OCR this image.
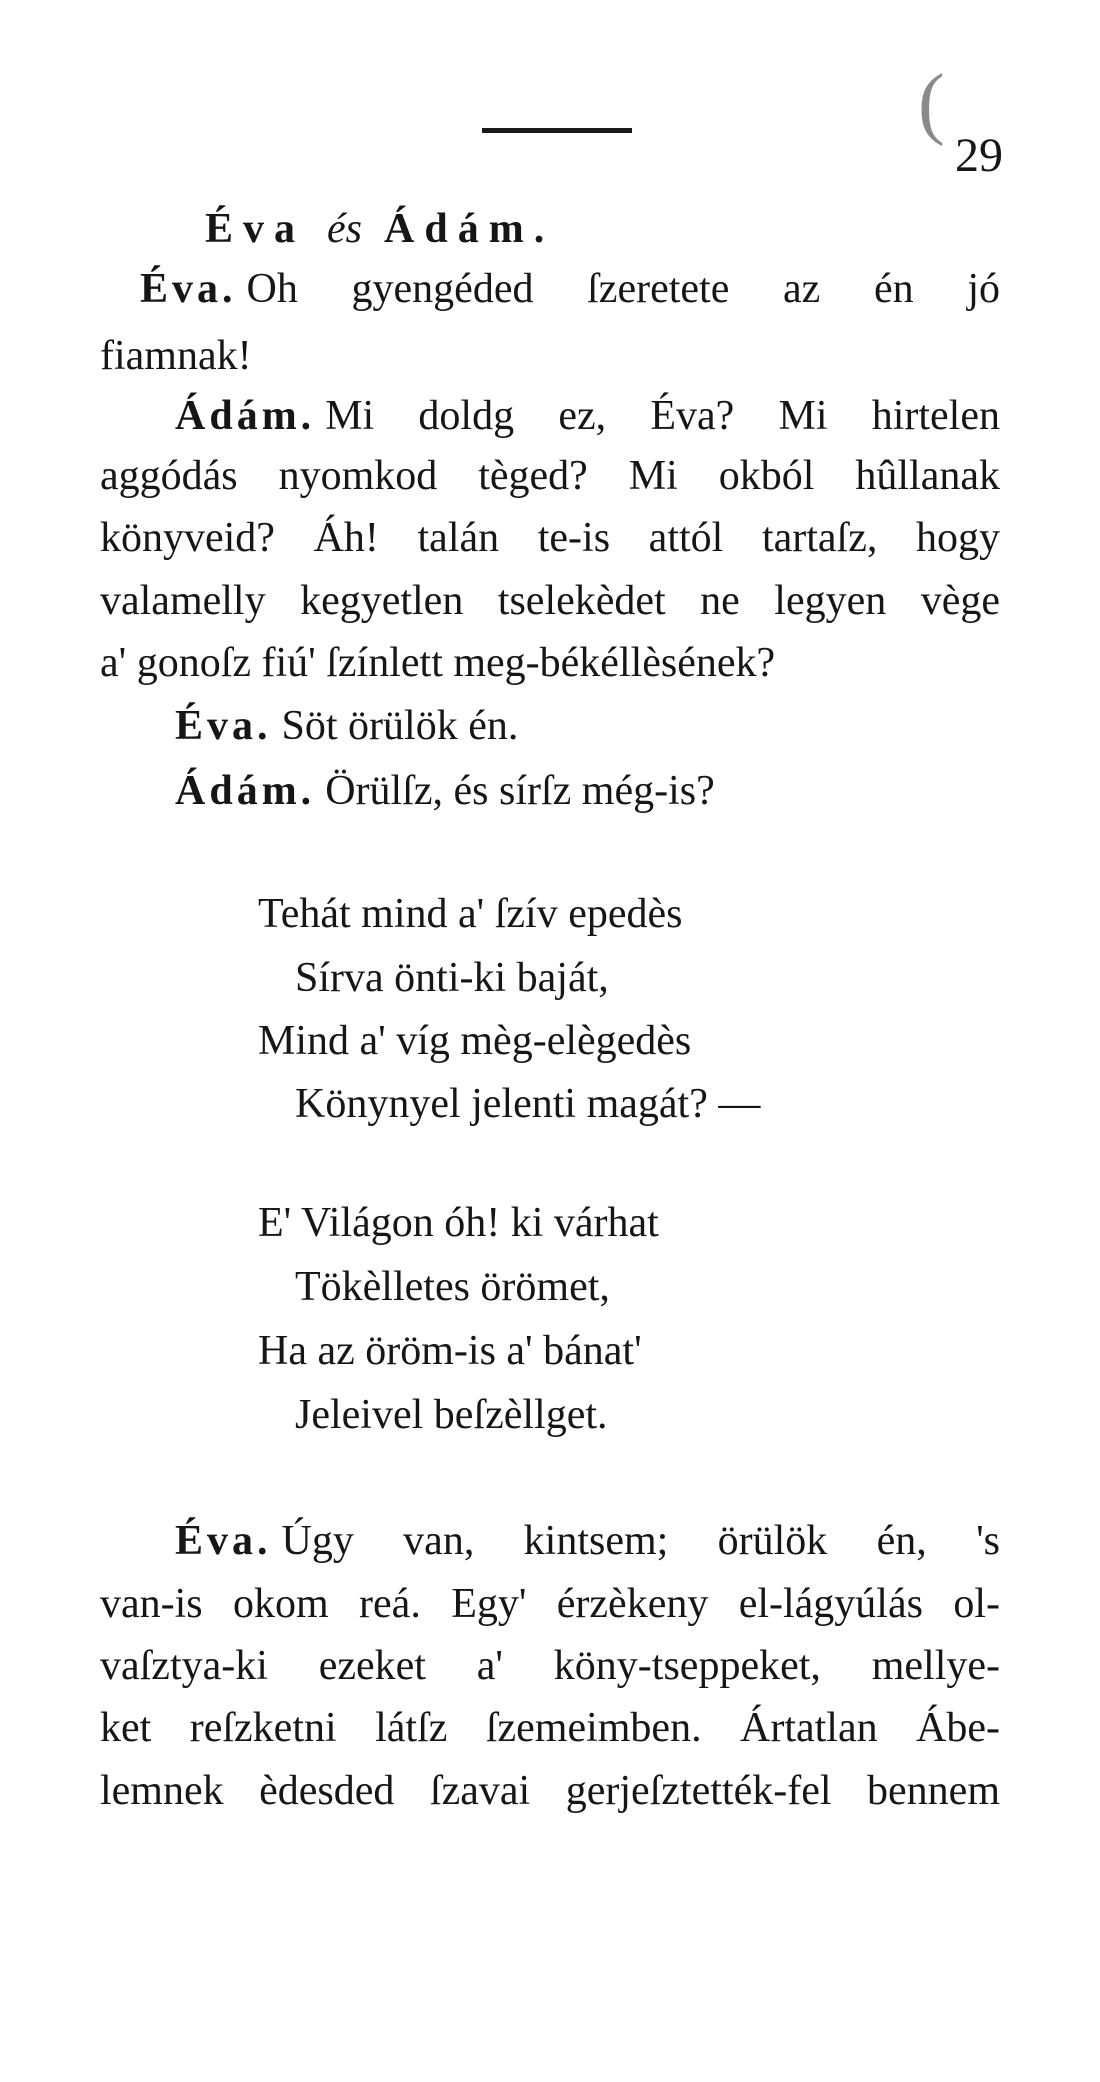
(
29
Éva és Ádám.
Éva. Oh gyengéded ſzeretete az én jó
fiamnak!
Ádám. Mi doldg ez, Éva? Mi hirtelen
aggódás nyomkod tèged? Mi okból hûllanak
könyveid? Áh! talán te-is attól tartaſz, hogy
valamelly kegyetlen tselekèdet ne legyen vège
a' gonoſz fiú' ſzínlett meg-békéllèsének?
Éva. Söt örülök én.
Ádám. Örülſz, és sírſz még-is?
Tehát mind a' ſzív epedès
Sírva önti-ki baját,
Mind a' víg mèg-elègedès
Könynyel jelenti magát? —
E' Világon óh! ki várhat
Tökèlletes örömet,
Ha az öröm-is a' bánat'
Jeleivel beſzèllget.
Éva. Úgy van, kintsem; örülök én, 's
van-is okom reá. Egy' érzèkeny el-lágyúlás ol-
vaſztya-ki ezeket a' köny-tseppeket, mellye-
ket reſzketni látſz ſzemeimben. Ártatlan Ábe-
lemnek èdesded ſzavai gerjeſztették-fel bennem
